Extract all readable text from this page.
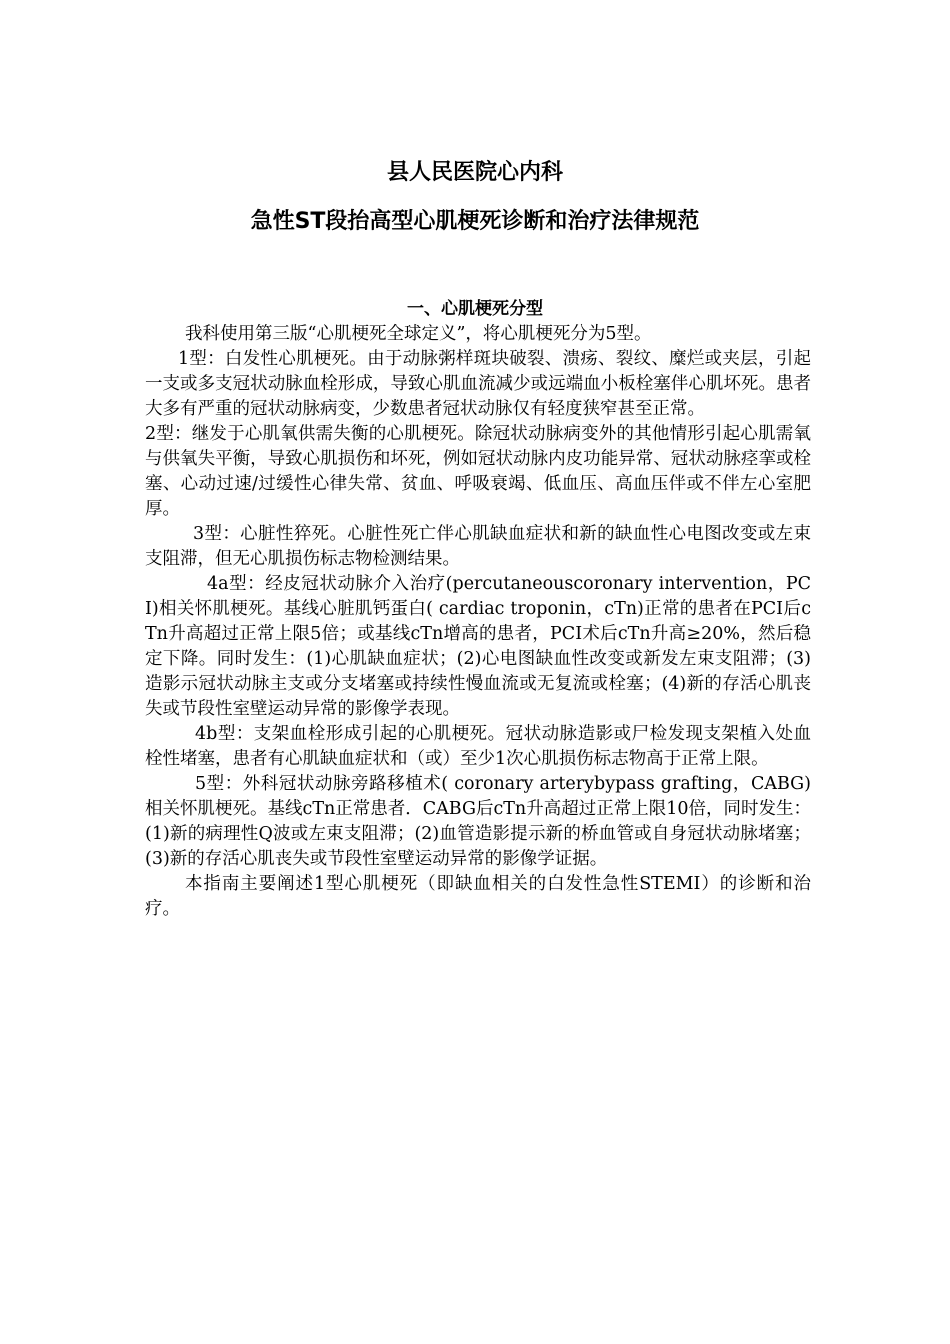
县人民医院心内科
急性ST段抬高型心肌梗死诊断和治疗法律规范
一、心肌梗死分型

我科使用第三版“心肌梗死全球定义”，将心肌梗死分为5型。

1型：白发性心肌梗死。由于动脉粥样斑块破裂、溃疡、裂纹、糜烂或夹层，引起一支或多支冠状动脉血栓形成，导致心肌血流减少或远端血小板栓塞伴心肌坏死。患者大多有严重的冠状动脉病变，少数患者冠状动脉仅有轻度狭窄甚至正常。

2型：继发于心肌氧供需失衡的心肌梗死。除冠状动脉病变外的其他情形引起心肌需氧与供氧失平衡，导致心肌损伤和坏死，例如冠状动脉内皮功能异常、冠状动脉痉挛或栓塞、心动过速/过缓性心律失常、贫血、呼吸衰竭、低血压、高血压伴或不伴左心室肥厚。

3型：心脏性猝死。心脏性死亡伴心肌缺血症状和新的缺血性心电图改变或左束支阻滞，但无心肌损伤标志物检测结果。

4a型：经皮冠状动脉介入治疗(percutaneouscoronary intervention，PCI)相关怀肌梗死。基线心脏肌钙蛋白( cardiac troponin，cTn)正常的患者在PCI后cTn升高超过正常上限5倍；或基线cTn增高的患者，PCI术后cTn升高≥20%，然后稳定下降。同时发生：(1)心肌缺血症状；(2)心电图缺血性改变或新发左束支阻滞；(3)造影示冠状动脉主支或分支堵塞或持续性慢血流或无复流或栓塞；(4)新的存活心肌丧失或节段性室壁运动异常的影像学表现。

4b型：支架血栓形成引起的心肌梗死。冠状动脉造影或尸检发现支架植入处血栓性堵塞，患者有心肌缺血症状和（或）至少1次心肌损伤标志物高于正常上限。

5型：外科冠状动脉旁路移植术( coronary arterybypass grafting，CABG)相关怀肌梗死。基线cTn正常患者．CABG后cTn升高超过正常上限10倍，同时发生：(1)新的病理性Q波或左束支阻滞；(2)血管造影提示新的桥血管或自身冠状动脉堵塞；(3)新的存活心肌丧失或节段性室壁运动异常的影像学证据。

本指南主要阐述1型心肌梗死（即缺血相关的白发性急性STEMI）的诊断和治疗。
